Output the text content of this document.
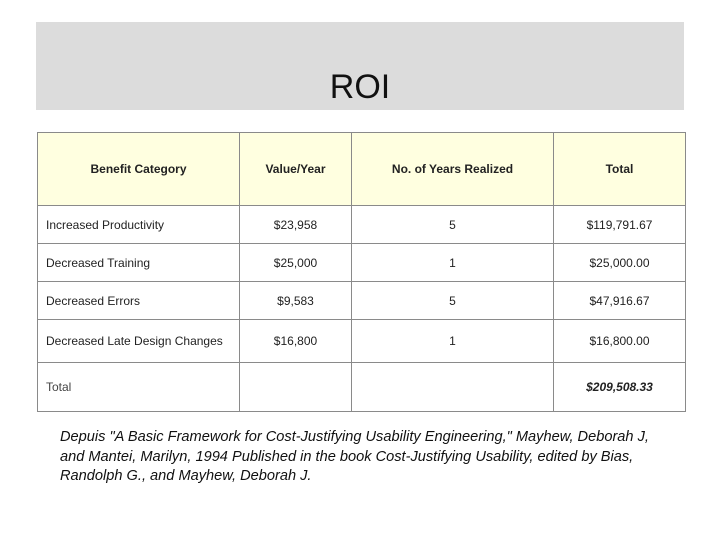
ROI
Benefit Category	Value/Year	No. of Years Realized	Total
Increased Productivity	$23,958	5	$119,791.67
Decreased Training	$25,000	1	$25,000.00
Decreased Errors	$9,583	5	$47,916.67
Decreased Late Design Changes	$16,800	1	$16,800.00
Total			$209,508.33
Depuis "A Basic Framework for Cost-Justifying Usability Engineering," Mayhew, Deborah J, and Mantei, Marilyn, 1994 Published in the book Cost-Justifying Usability, edited by Bias, Randolph G., and Mayhew, Deborah J.
